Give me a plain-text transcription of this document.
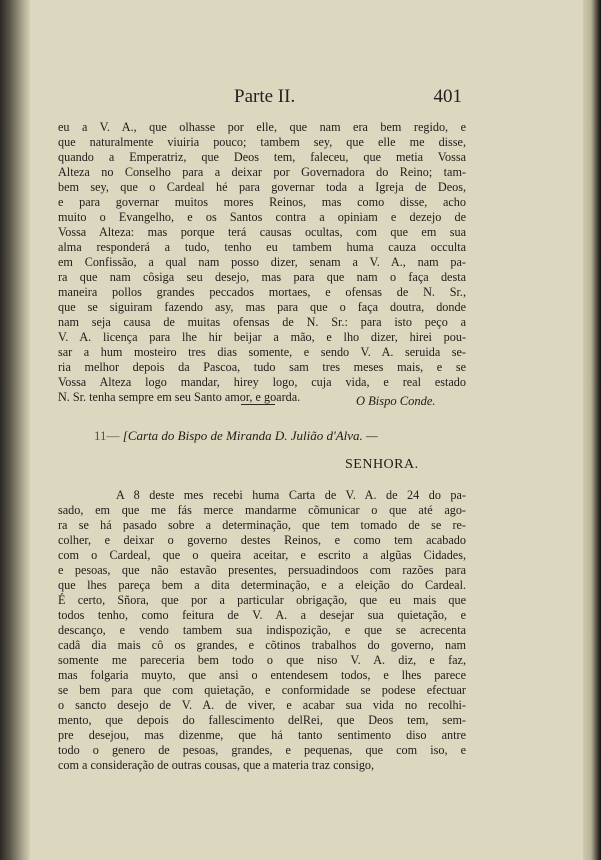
Parte II.	401
eu a V. A., que olhasse por elle, que nam era bem regido, e
que naturalmente viuiria pouco; tambem sey, que elle me disse,
quando a Emperatriz, que Deos tem, faleceu, que metia Vossa
Alteza no Conselho para a deixar por Governadora do Reino; tam-
bem sey, que o Cardeal hé para governar toda a Igreja de Deos,
e para governar muitos mores Reinos, mas como disse, acho
muito o Evangelho, e os Santos contra a opiniam e dezejo de
Vossa Alteza: mas porque terá causas ocultas, com que em sua
alma responderá a tudo, tenho eu tambem huma cauza occulta
em Confissão, a qual nam posso dizer, senam a V. A., nam pa-
ra que nam côsiga seu desejo, mas para que nam o faça desta
maneira pollos grandes peccados mortaes, e ofensas de N. Sr.,
que se siguiram fazendo asy, mas para que o faça doutra, donde
nam seja causa de muitas ofensas de N. Sr.: para isto peço a
V. A. licença para lhe hir beijar a mão, e lho dizer, hirei pou-
sar a hum mosteiro tres dias somente, e sendo V. A. seruida se-
ria melhor depois da Pascoa, tudo sam tres meses mais, e se
Vossa Alteza logo mandar, hirey logo, cuja vida, e real estado
N. Sr. tenha sempre em seu Santo amor, e goarda.	O Bispo Conde.
11— [Carta do Bispo de Miranda D. Julião d'Alva. —
SENHORA.
A 8 deste mes recebi huma Carta de V. A. de 24 do pa-
sado, em que me fás merce mandarme cõmunicar o que até ago-
ra se há pasado sobre a determinação, que tem tomado de se re-
colher, e deixar o governo destes Reinos, e como tem acabado
com o Cardeal, que o queira aceitar, e escrito a algũas Cidades,
e pesoas, que não estavão presentes, persuadindoos com razões para
que lhes pareça bem a dita determinação, e a eleição do Cardeal.
É certo, Sñora, que por a particular obrigação, que eu mais que
todos tenho, como feitura de V. A. a desejar sua quietação, e
descanço, e vendo tambem sua indispozição, e que se acrecenta
cadâ dia mais cô os grandes, e cõtinos trabalhos do governo, nam
somente me pareceria bem todo o que niso V. A. diz, e faz,
mas folgaria muyto, que ansi o entendesem todos, e lhes parece
se bem para que com quietação, e conformidade se podese efectuar
o sancto desejo de V. A. de viver, e acabar sua vida no recolhi-
mento, que depois do fallescimento delRei, que Deos tem, sem-
pre desejou, mas dizenme, que há tanto sentimento diso antre
todo o genero de pesoas, grandes, e pequenas, que com iso, e
com a consideração de outras cousas, que a materia traz consigo,
